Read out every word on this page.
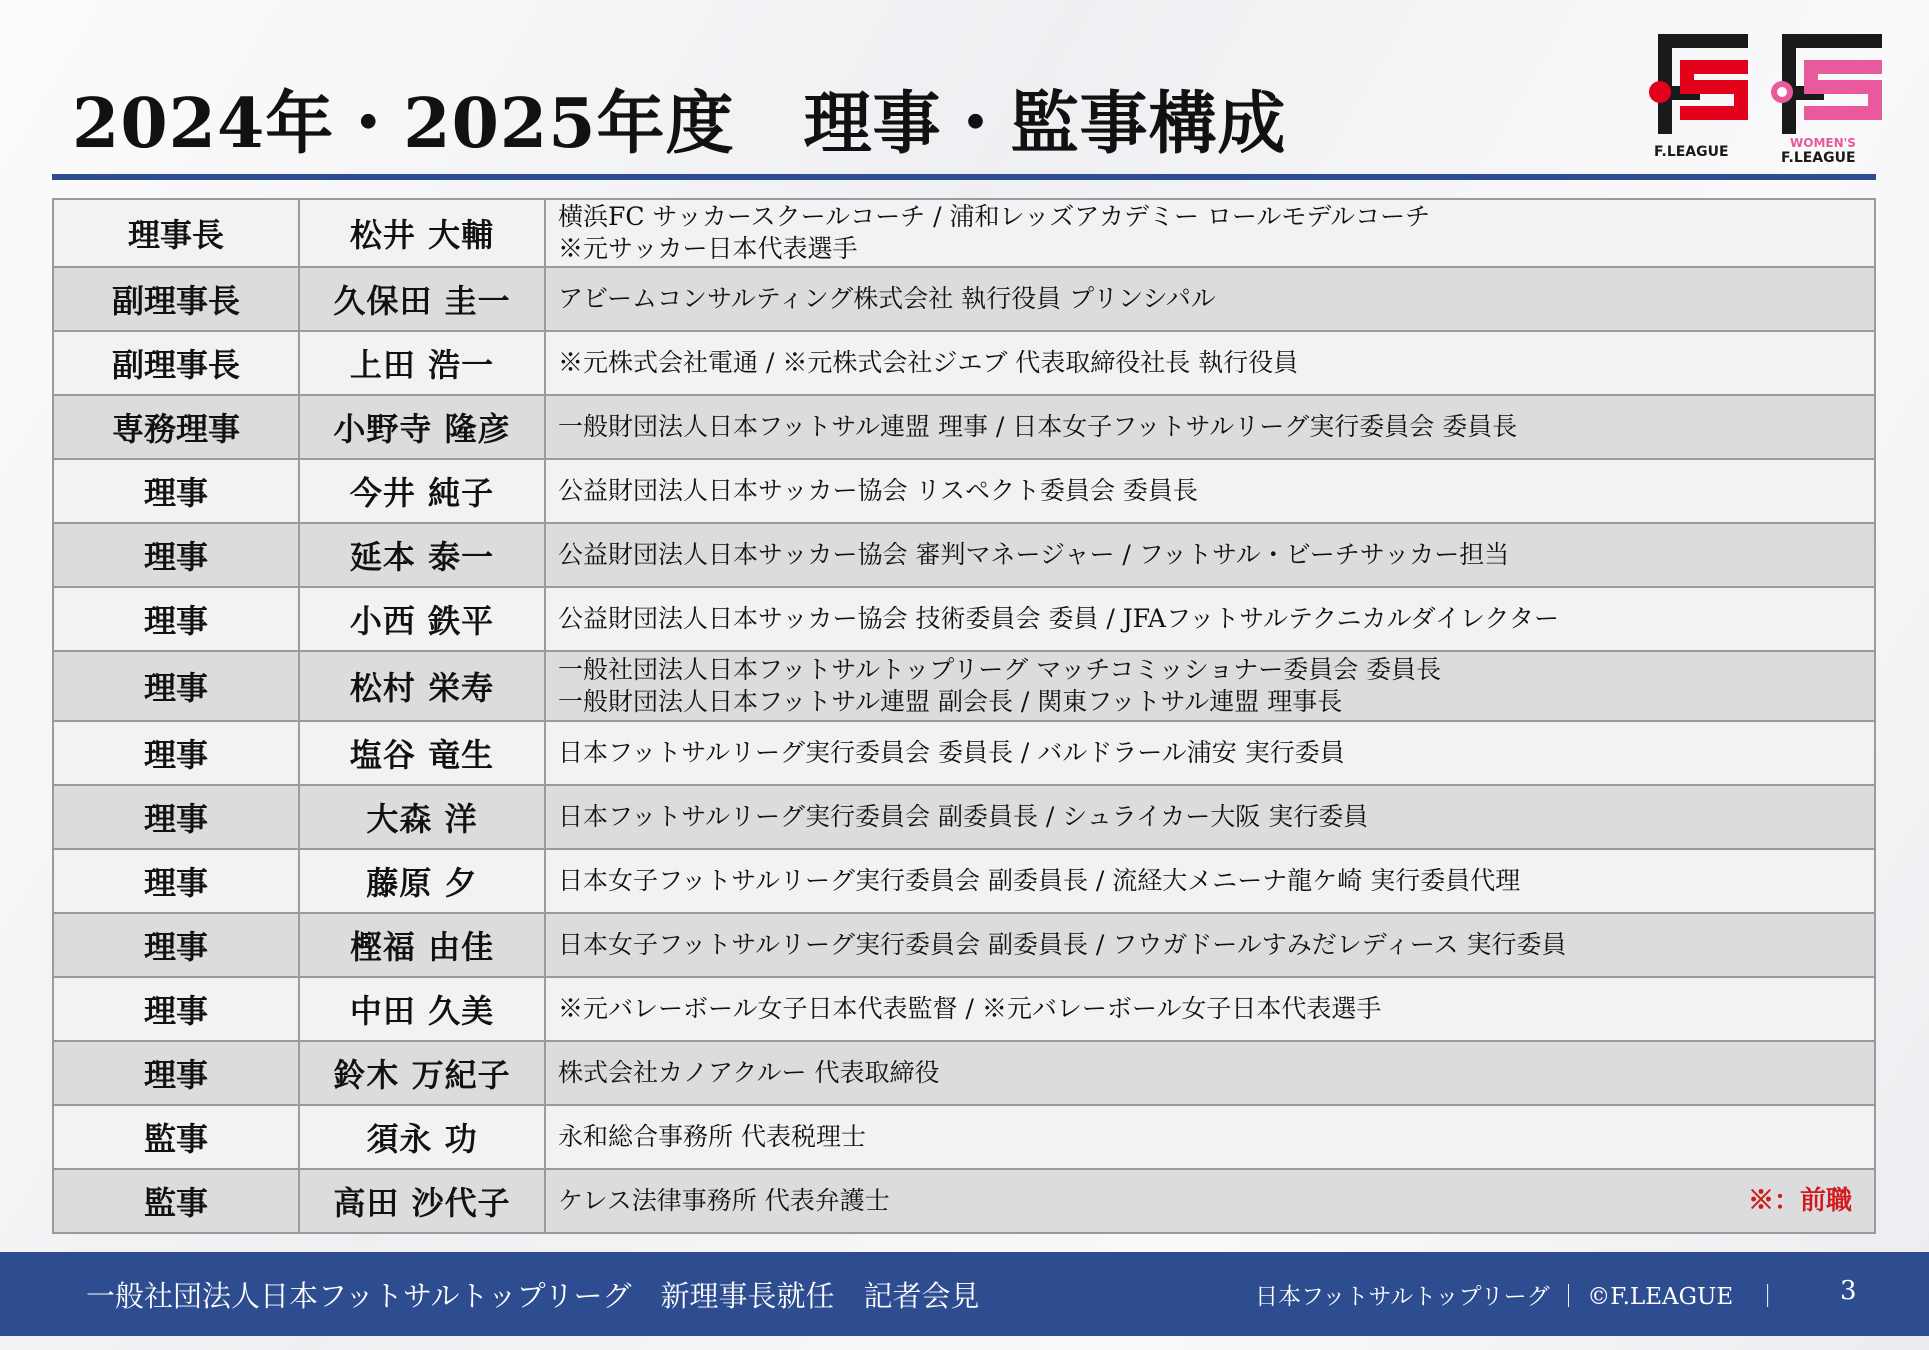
2024年・2025年度　理事・監事構成	F.LEAGUE
WOMEN'S
F.LEAGUE
理事長	松井 大輔	横浜FC サッカースクールコーチ / 浦和レッズアカデミー ロールモデルコーチ
※元サッカー日本代表選手

副理事長	久保田 圭一	アビームコンサルティング株式会社 執行役員 プリンシパル

副理事長	上田 浩一	※元株式会社電通 / ※元株式会社ジエブ 代表取締役社長 執行役員

専務理事	小野寺 隆彦	一般財団法人日本フットサル連盟 理事 / 日本女子フットサルリーグ実行委員会 委員長

理事	今井 純子	公益財団法人日本サッカー協会 リスペクト委員会 委員長

理事	延本 泰一	公益財団法人日本サッカー協会 審判マネージャー / フットサル・ビーチサッカー担当

理事	小西 鉄平	公益財団法人日本サッカー協会 技術委員会 委員 / JFAフットサルテクニカルダイレクター

理事	松村 栄寿	一般社団法人日本フットサルトップリーグ マッチコミッショナー委員会 委員長
一般財団法人日本フットサル連盟 副会長 / 関東フットサル連盟 理事長

理事	塩谷 竜生	日本フットサルリーグ実行委員会 委員長 / バルドラール浦安 実行委員

理事	大森 洋	日本フットサルリーグ実行委員会 副委員長 / シュライカー大阪 実行委員

理事	藤原 夕	日本女子フットサルリーグ実行委員会 副委員長 / 流経大メニーナ龍ケ崎 実行委員代理

理事	樫福 由佳	日本女子フットサルリーグ実行委員会 副委員長 / フウガドールすみだレディース 実行委員

理事	中田 久美	※元バレーボール女子日本代表監督 / ※元バレーボール女子日本代表選手

理事	鈴木 万紀子	株式会社カノアクルー 代表取締役

監事	須永 功	永和総合事務所 代表税理士

監事	高田 沙代子	ケレス法律事務所 代表弁護士 ※：前職
一般社団法人日本フットサルトップリーグ　新理事長就任　記者会見	日本フットサルトップリーグ ｜ ©F.LEAGUE　｜ 3
